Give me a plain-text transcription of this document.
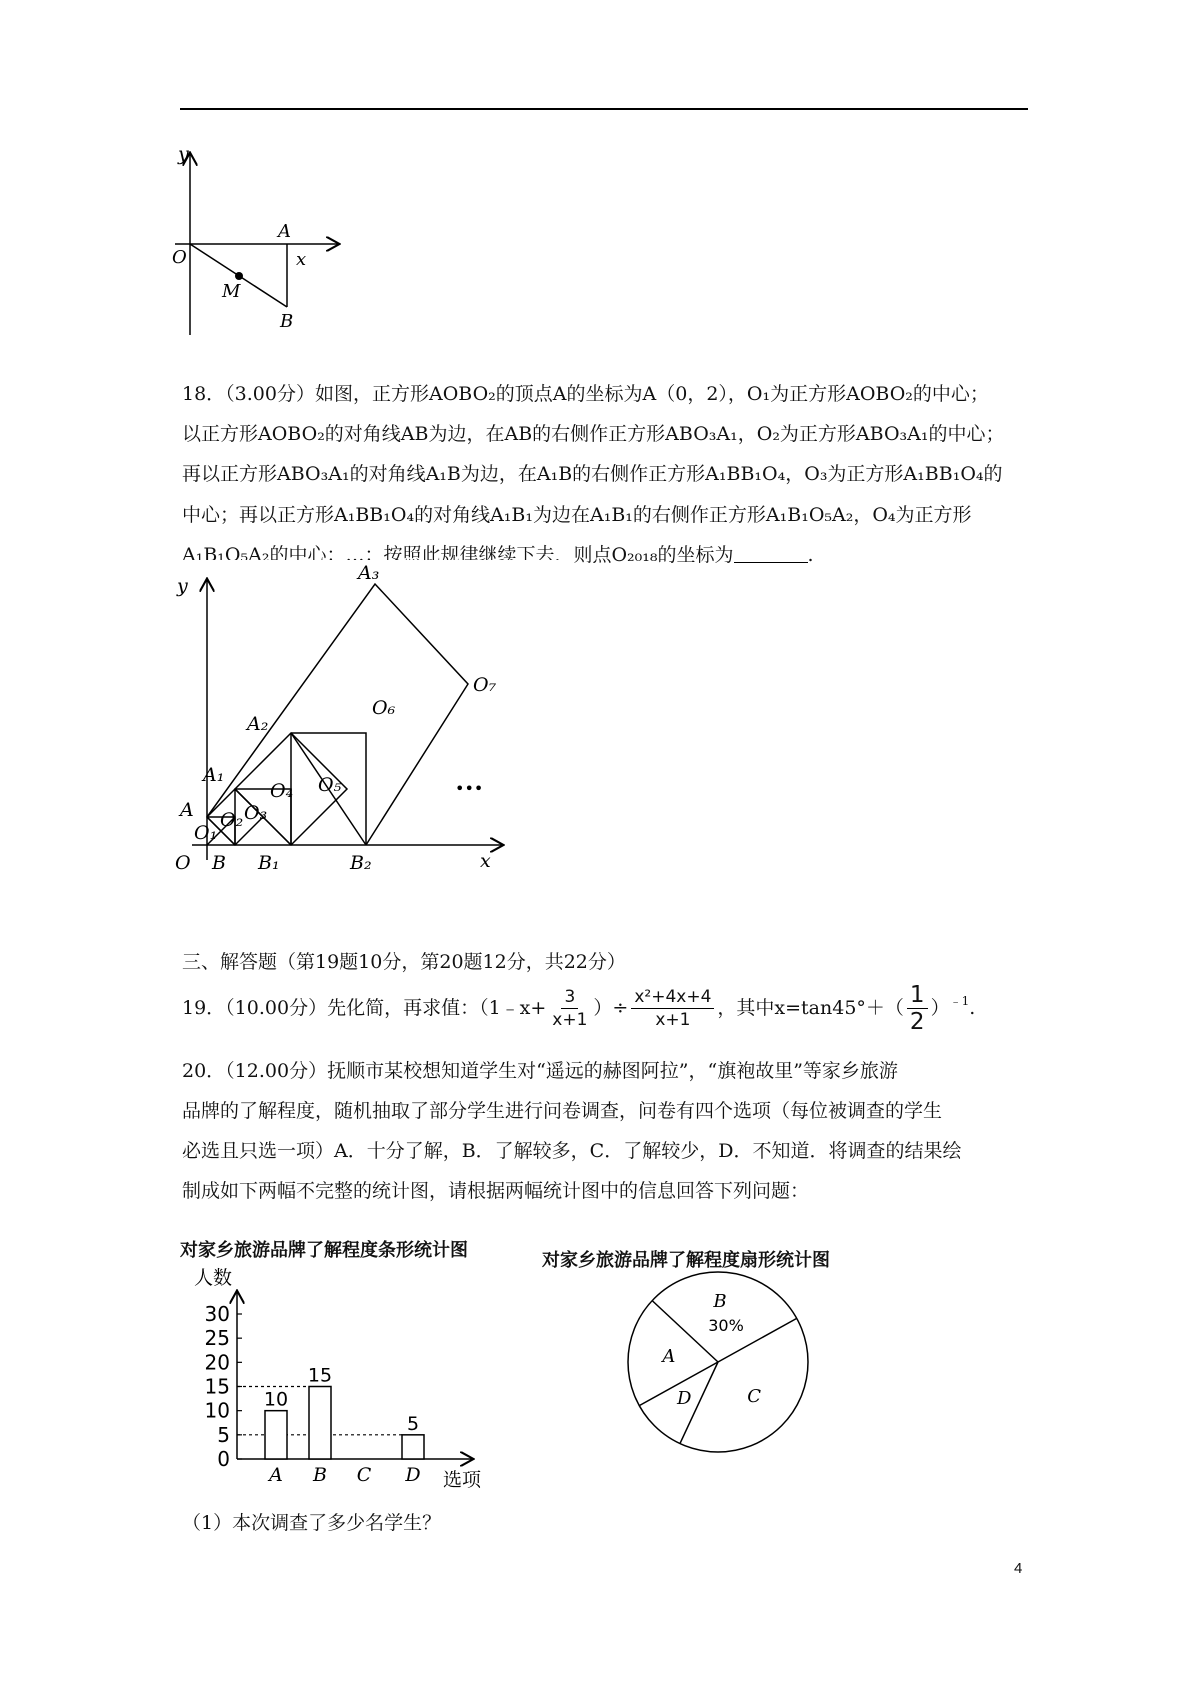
y
x
O
A
B
M
18．（3.00分）如图，正方形AOBO₂的顶点A的坐标为A（0，2），O₁为正方形AOBO₂的中心；
以正方形AOBO₂的对角线AB为边，在AB的右侧作正方形ABO₃A₁，O₂为正方形ABO₃A₁的中心；
再以正方形ABO₃A₁的对角线A₁B为边，在A₁B的右侧作正方形A₁BB₁O₄，O₃为正方形A₁BB₁O₄的
中心；再以正方形A₁BB₁O₄的对角线A₁B₁为边在A₁B₁的右侧作正方形A₁B₁O₅A₂，O₄为正方形
A₁B₁O₅A₂的中心；…；按照此规律继续下去，则点O₂₀₁₈的坐标为	.
y
x
O
A
A₁
A₂
A₃
B B₁	B₂
O₁
O₂ O₃
O₄ O₅
O₆
O₇
•••
三、解答题（第19题10分，第20题12分，共22分）
19．（10.00分）先化简，再求值：（1﹣x+ $\frac{3}{x+1}$ ）÷ $\frac{\text{x²+4x+4}}{x+1}$ ，其中$x=\tan 45^\circ+( \frac{1}{2}$ ） ﹣1 .
20．（12.00分）抚顺市某校想知道学生对“遥远的赫图阿拉”，“旗袍故里”等家乡旅游
品牌的了解程度，随机抽取了部分学生进行问卷调查，问卷有四个选项（每位被调查的学生
必选且只选一项）A．十分了解，B．了解较多，C．了解较少，D．不知道．将调查的结果绘
制成如下两幅不完整的统计图，请根据两幅统计图中的信息回答下列问题：
对家乡旅游品牌了解程度条形统计图
人数
选项
0
5
10
15
20
25
30
10
15
5
A B C D
对家乡旅游品牌了解程度扇形统计图
B
30%
C
D
A
（1）本次调查了多少名学生？
4
